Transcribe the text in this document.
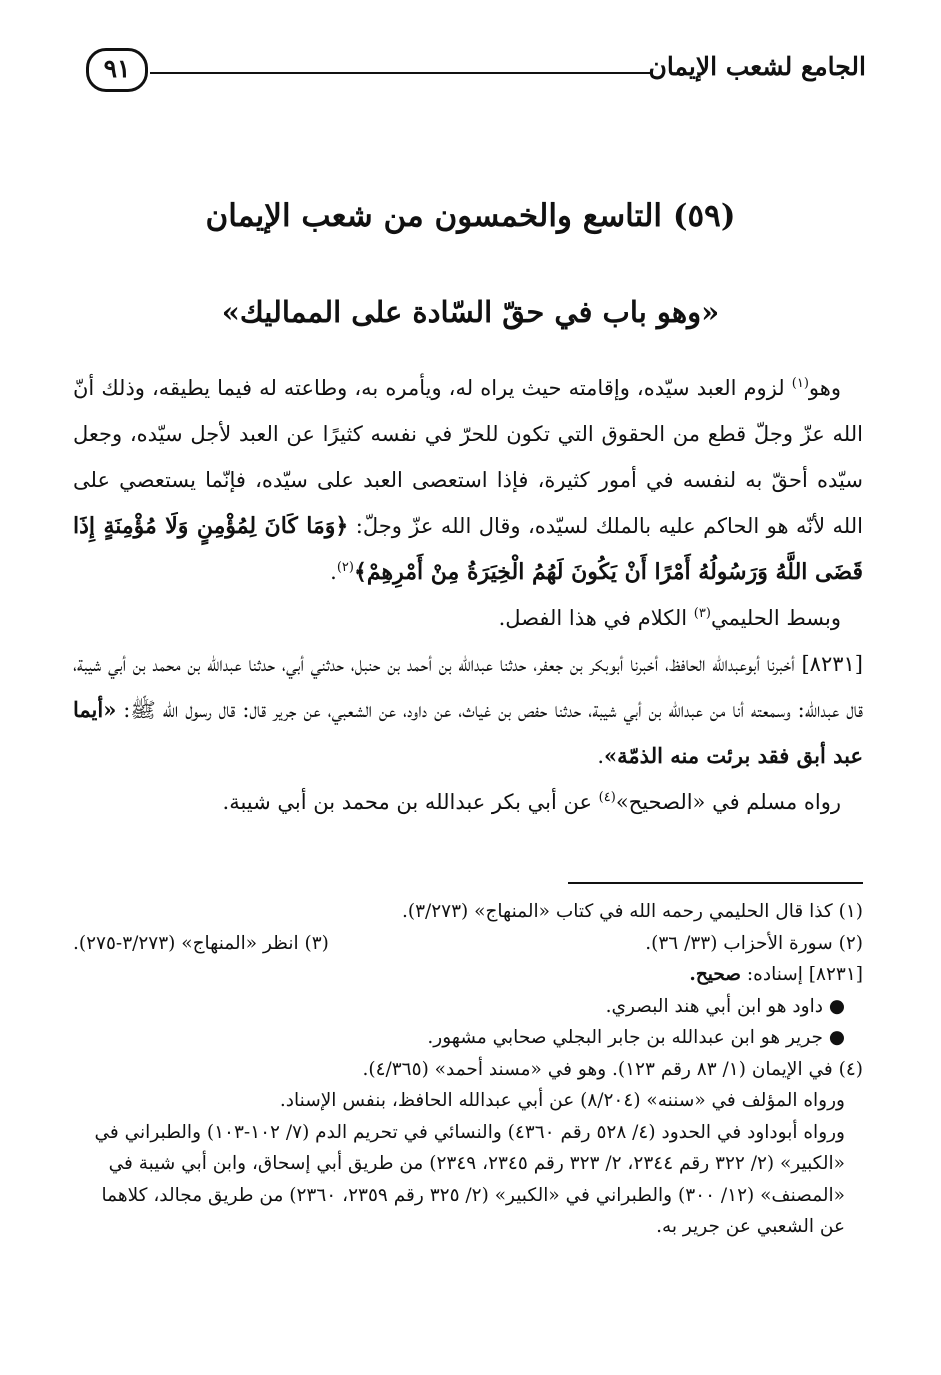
الجامع لشعب الإيمان
٩١
(٥٩) التاسع والخمسون من شعب الإيمان
«وهو باب في حقّ السّادة على المماليك»

وهو$^{(١)}$ لزوم العبد سيّده، وإقامته حيث يراه له، ويأمره به، وطاعته له فيما يطيقه، وذلك أنّ الله عزّ وجلّ قطع من الحقوق التي تكون للحرّ في نفسه كثيرًا عن العبد لأجل سيّده، وجعل سيّده أحقّ به لنفسه في أمور كثيرة، فإذا استعصى العبد على سيّده، فإنّما يستعصي على الله لأنّه هو الحاكم عليه بالملك لسيّده، وقال الله عزّ وجلّ: ﴿وَمَا كَانَ لِمُؤْمِنٍ وَلَا مُؤْمِنَةٍ إِذَا قَضَى اللَّهُ وَرَسُولُهُ أَمْرًا أَنْ يَكُونَ لَهُمُ الْخِيَرَةُ مِنْ أَمْرِهِمْ﴾$^{(٢)}$.

وبسط الحليمي$^{(٣)}$ الكلام في هذا الفصل.

[٨٢٣١] أخبرنا أبوعبدالله الحافظ، أخبرنا أبوبكر بن جعفر، حدثنا عبدالله بن أحمد بن حنبل، حدثني أبي، حدثنا عبدالله بن محمد بن أبي شيبة، قال عبدالله: وسمعته أنا من عبدالله بن أبي شيبة، حدثنا حفص بن غياث، عن داود، عن الشعبي، عن جرير قال: قال رسول الله ﷺ: «أيما عبد أبق فقد برئت منه الذمّة».

رواه مسلم في «الصحيح»$^{(٤)}$ عن أبي بكر عبدالله بن محمد بن أبي شيبة.

(١) كذا قال الحليمي رحمه الله في كتاب «المنهاج» (٣/٢٧٣).

(٢) سورة الأحزاب (٣٣/ ٣٦).
(٣) انظر «المنهاج» (٣/٢٧٣-٢٧٥).

[٨٢٣١] إسناده: صحيح.

● داود هو ابن أبي هند البصري.

● جرير هو ابن عبدالله بن جابر البجلي صحابي مشهور.

(٤) في الإيمان (١/ ٨٣ رقم ١٢٣). وهو في «مسند أحمد» (٤/٣٦٥).

ورواه المؤلف في «سننه» (٨/٢٠٤) عن أبي عبدالله الحافظ، بنفس الإسناد.

ورواه أبوداود في الحدود (٤/ ٥٢٨ رقم ٤٣٦٠) والنسائي في تحريم الدم (٧/ ١٠٢-١٠٣) والطبراني في «الكبير» (٢/ ٣٢٢ رقم ٢٣٤٤، ٢/ ٣٢٣ رقم ٢٣٤٥، ٢٣٤٩) من طريق أبي إسحاق، وابن أبي شيبة في «المصنف» (١٢/ ٣٠٠) والطبراني في «الكبير» (٢/ ٣٢٥ رقم ٢٣٥٩، ٢٣٦٠) من طريق مجالد، كلاهما عن الشعبي عن جرير به.
